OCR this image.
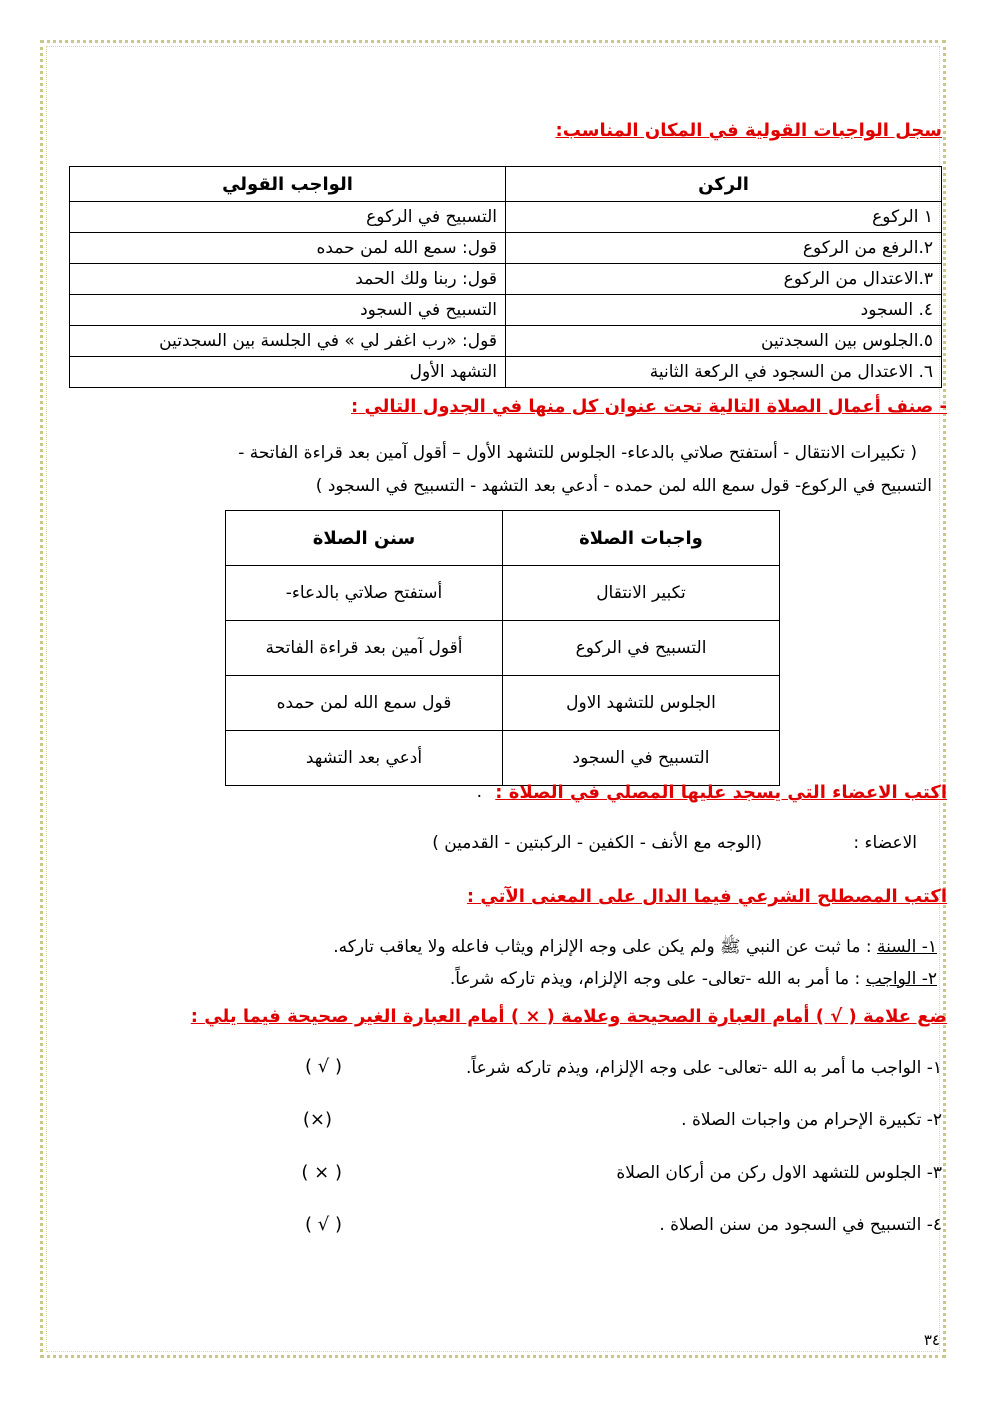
سجل الواجبات القولية في المكان المناسب:
الركن	الواجب القولي
١ الركوع	التسبيح في الركوع
٢.الرفع من الركوع	قول: سمع الله لمن حمده
٣.الاعتدال من الركوع	قول: ربنا ولك الحمد
٤. السجود	التسبيح في السجود
٥.الجلوس بين السجدتين	قول: «رب اغفر لي » في الجلسة بين السجدتين
٦. الاعتدال من السجود في الركعة الثانية	التشهد الأول
- صنف أعمال الصلاة التالية تحت عنوان كل منها في الجدول التالي :
( تكبيرات الانتقال - أستفتح صلاتي بالدعاء- الجلوس للتشهد الأول – أقول آمين بعد قراءة الفاتحة -
التسبيح في الركوع- قول سمع الله لمن حمده - أدعي بعد التشهد - التسبيح في السجود )
واجبات الصلاة	سنن الصلاة
تكبير الانتقال	أستفتح صلاتي بالدعاء-
التسبيح في الركوع	أقول آمين بعد قراءة الفاتحة
الجلوس للتشهد الاول	قول سمع الله لمن حمده
التسبيح في السجود	أدعي بعد التشهد
اكتب الاعضاء التي يسجد عليها المصلي في الصلاة :
.
الاعضاء :
(الوجه مع الأنف - الكفين - الركبتين - القدمين )
اكتب المصطلح الشرعي فيما الدال على المعنى الآتي :
١- السنة : ما ثبت عن النبي ﷺ ولم يكن على وجه الإلزام ويثاب فاعله ولا يعاقب تاركه.
٢- الواجب : ما أمر به الله -تعالى- على وجه الإلزام، ويذم تاركه شرعاً.
ضع علامة ( √ ) أمام العبارة الصحيحة وعلامة ( × ) أمام العبارة الغير صحيحة فيما يلي :
١- الواجب ما أمر به الله -تعالى- على وجه الإلزام، ويذم تاركه شرعاً.
( √ )
٢- تكبيرة الإحرام من واجبات الصلاة .
(×)
٣- الجلوس للتشهد الاول ركن من أركان الصلاة
( × )
٤- التسبيح في السجود من سنن الصلاة .
( √ )
٣٤
